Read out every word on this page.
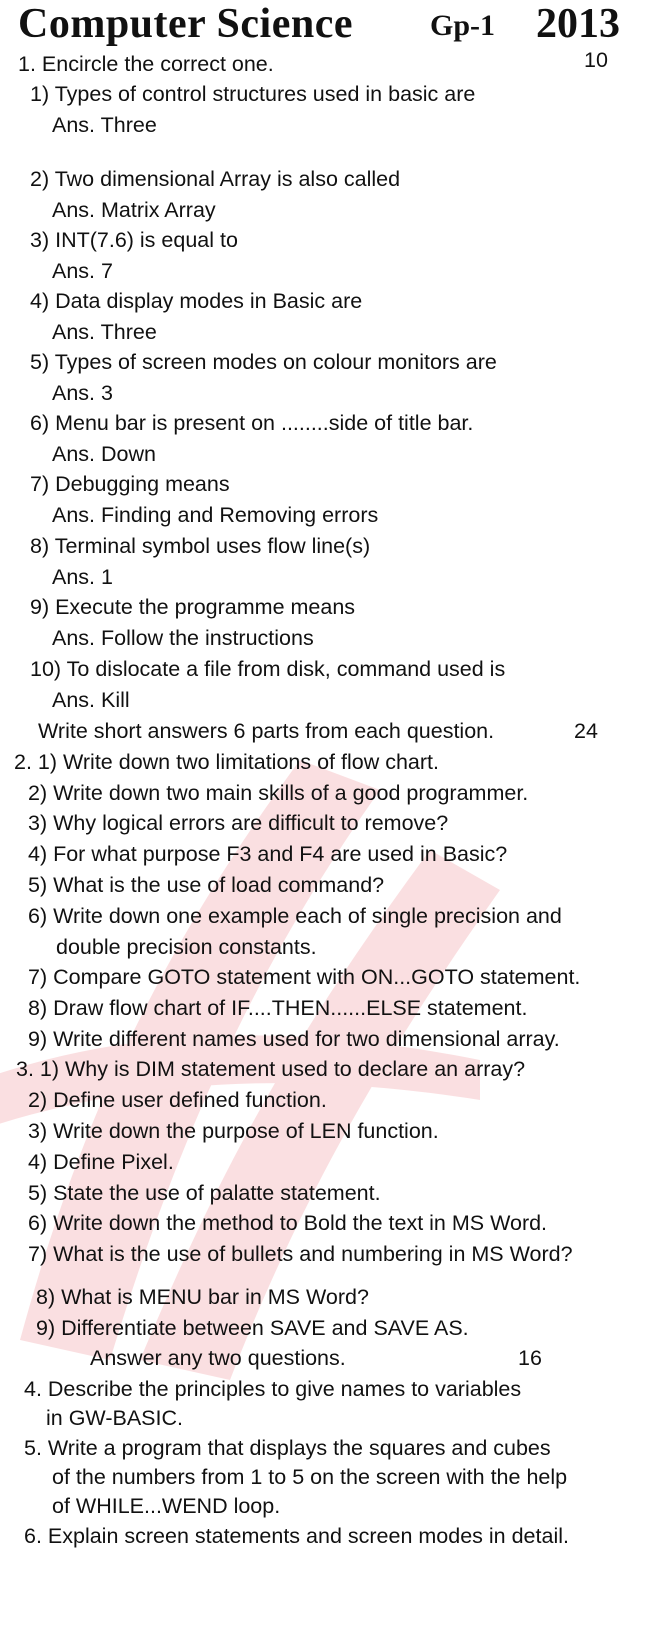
Computer Science	Gp-1 2013
1. Encircle the correct one.	10
1) Types of control structures used in basic are
Ans. Three
2) Two dimensional Array is also called
Ans. Matrix Array
3) INT(7.6) is equal to
Ans. 7
4) Data display modes in Basic are
Ans. Three
5) Types of screen modes on colour monitors are
Ans. 3
6) Menu bar is present on ........side of title bar.
Ans. Down
7) Debugging means
Ans. Finding and Removing errors
8) Terminal symbol uses flow line(s)
Ans. 1
9) Execute the programme means
Ans. Follow the instructions
10) To dislocate a file from disk, command used is
Ans. Kill
Write short answers 6 parts from each question.	24
2. 1) Write down two limitations of flow chart.
2) Write down two main skills of a good programmer.
3) Why logical errors are difficult to remove?
4) For what purpose F3 and F4 are used in Basic?
5) What is the use of load command?
6) Write down one example each of single precision and
double precision constants.
7) Compare GOTO statement with ON...GOTO statement.
8) Draw flow chart of IF....THEN......ELSE statement.
9) Write different names used for two dimensional array.
3. 1) Why is DIM statement used to declare an array?
2) Define user defined function.
3) Write down the purpose of LEN function.
4) Define Pixel.
5) State the use of palatte statement.
6) Write down the method to Bold the text in MS Word.
7) What is the use of bullets and numbering in MS Word?
8) What is MENU bar in MS Word?
9) Differentiate between SAVE and SAVE AS.
Answer any two questions.	16
4. Describe the principles to give names to variables
in GW-BASIC.
5. Write a program that displays the squares and cubes
of the numbers from 1 to 5 on the screen with the help
of WHILE...WEND loop.
6. Explain screen statements and screen modes in detail.
